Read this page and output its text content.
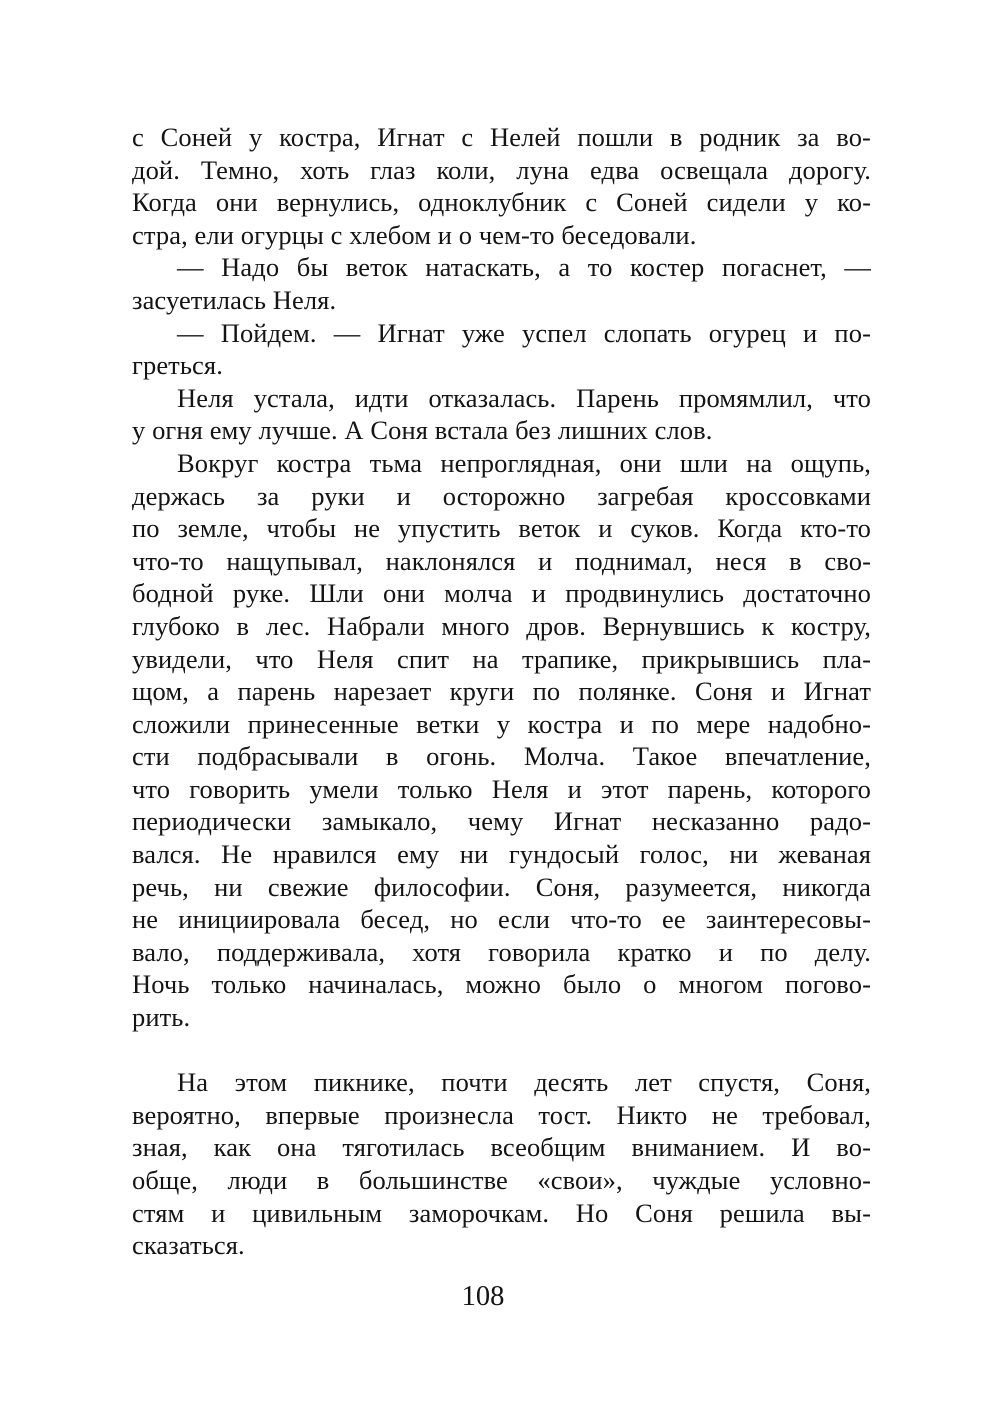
с Соней у костра, Игнат с Нелей пошли в родник за во-
дой. Темно, хоть глаз коли, луна едва освещала дорогу.
Когда они вернулись, одноклубник с Соней сидели у ко-
стра, ели огурцы с хлебом и о чем-то беседовали.
— Надо бы веток натаскать, а то костер погаснет, —
засуетилась Неля.
— Пойдем. — Игнат уже успел слопать огурец и по-
греться.
Неля устала, идти отказалась. Парень промямлил, что
у огня ему лучше. А Соня встала без лишних слов.
Вокруг костра тьма непроглядная, они шли на ощупь,
держась за руки и осторожно загребая кроссовками
по земле, чтобы не упустить веток и суков. Когда кто-то
что-то нащупывал, наклонялся и поднимал, неся в сво-
бодной руке. Шли они молча и продвинулись достаточно
глубоко в лес. Набрали много дров. Вернувшись к костру,
увидели, что Неля спит на трапике, прикрывшись пла-
щом, а парень нарезает круги по полянке. Соня и Игнат
сложили принесенные ветки у костра и по мере надобно-
сти подбрасывали в огонь. Молча. Такое впечатление,
что говорить умели только Неля и этот парень, которого
периодически замыкало, чему Игнат несказанно радо-
вался. Не нравился ему ни гундосый голос, ни жеваная
речь, ни свежие философии. Соня, разумеется, никогда
не инициировала бесед, но если что-то ее заинтересовы-
вало, поддерживала, хотя говорила кратко и по делу.
Ночь только начиналась, можно было о многом погово-
рить.
На этом пикнике, почти десять лет спустя, Соня,
вероятно, впервые произнесла тост. Никто не требовал,
зная, как она тяготилась всеобщим вниманием. И во-
обще, люди в большинстве «свои», чуждые условно-
стям и цивильным заморочкам. Но Соня решила вы-
сказаться.
108
